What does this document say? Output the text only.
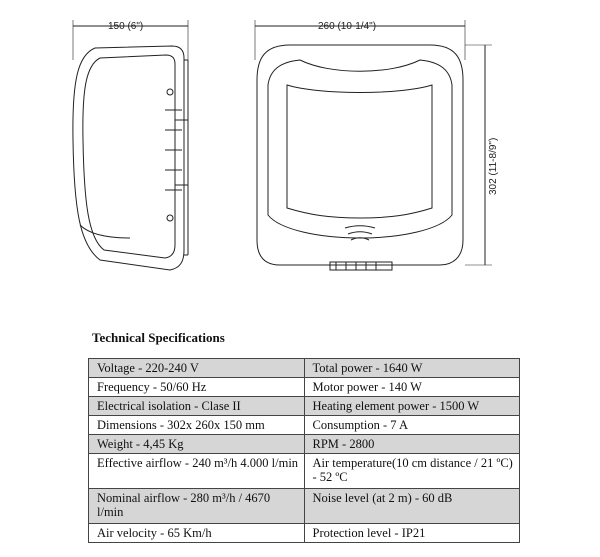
150 (6")	260 (10-1/4")
302 (11-8/9")
Technical Specifications
Voltage - 220-240 V	Total power - 1640 W
Frequency - 50/60 Hz	Motor power - 140 W
Electrical isolation - Clase II	Heating element power - 1500 W
Dimensions - 302x 260x 150 mm	Consumption - 7 A
Weight - 4,45 Kg	RPM - 2800
Effective airflow - 240 m³/h 4.000 l/min	Air temperature(10 cm distance / 21 ºC) - 52 ºC
Nominal airflow - 280 m³/h / 4670 l/min	Noise level (at 2 m) - 60 dB
Air velocity - 65 Km/h	Protection level - IP21
